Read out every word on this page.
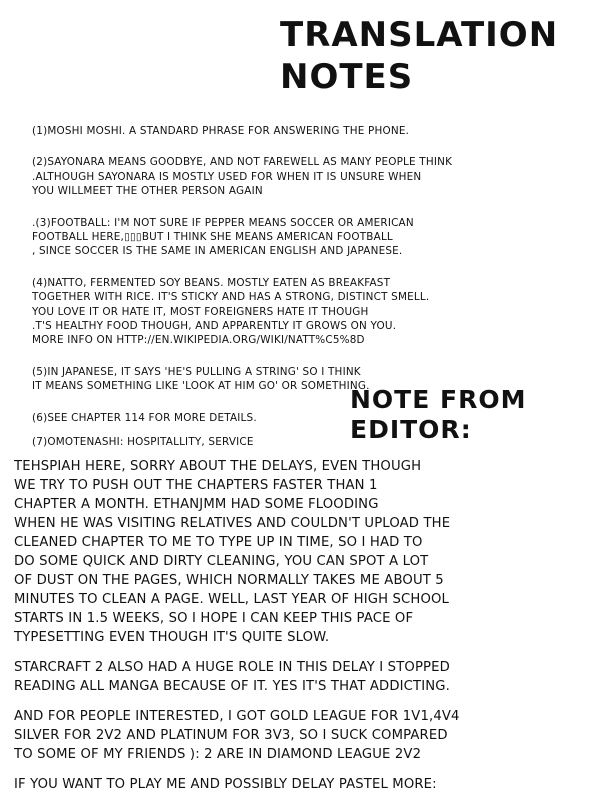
TRANSLATION
NOTES

(1)MOSHI MOSHI. A STANDARD PHRASE FOR ANSWERING THE PHONE.

(2)SAYONARA MEANS GOODBYE, AND NOT FAREWELL AS MANY PEOPLE THINK
.ALTHOUGH SAYONARA IS MOSTLY USED FOR WHEN IT IS UNSURE WHEN
YOU WILLMEET THE OTHER PERSON AGAIN

.(3)FOOTBALL: I'M NOT SURE IF PEPPER MEANS SOCCER OR AMERICAN
FOOTBALL HERE,▯▯▯BUT I THINK SHE MEANS AMERICAN FOOTBALL
, SINCE SOCCER IS THE SAME IN AMERICAN ENGLISH AND JAPANESE.

(4)NATTO, FERMENTED SOY BEANS. MOSTLY EATEN AS BREAKFAST
TOGETHER WITH RICE. IT'S STICKY AND HAS A STRONG, DISTINCT SMELL.
YOU LOVE IT OR HATE IT, MOST FOREIGNERS HATE IT THOUGH
.T'S HEALTHY FOOD THOUGH, AND APPARENTLY IT GROWS ON YOU.
MORE INFO ON HTTP://EN.WIKIPEDIA.ORG/WIKI/NATT%C5%8D

(5)IN JAPANESE, IT SAYS 'HE'S PULLING A STRING' SO I THINK
IT MEANS SOMETHING LIKE 'LOOK AT HIM GO' OR SOMETHING.

(6)SEE CHAPTER 114 FOR MORE DETAILS.

(7)OMOTENASHI: HOSPITALLITY, SERVICE

NOTE FROM
EDITOR:

TEHSPIAH HERE, SORRY ABOUT THE DELAYS, EVEN THOUGH
WE TRY TO PUSH OUT THE CHAPTERS FASTER THAN 1
CHAPTER A MONTH. ETHANJMM HAD SOME FLOODING
WHEN HE WAS VISITING RELATIVES AND COULDN'T UPLOAD THE
CLEANED CHAPTER TO ME TO TYPE UP IN TIME, SO I HAD TO
DO SOME QUICK AND DIRTY CLEANING, YOU CAN SPOT A LOT
OF DUST ON THE PAGES, WHICH NORMALLY TAKES ME ABOUT 5
MINUTES TO CLEAN A PAGE. WELL, LAST YEAR OF HIGH SCHOOL
STARTS IN 1.5 WEEKS, SO I HOPE I CAN KEEP THIS PACE OF
TYPESETTING EVEN THOUGH IT'S QUITE SLOW.

STARCRAFT 2 ALSO HAD A HUGE ROLE IN THIS DELAY I STOPPED
READING ALL MANGA BECAUSE OF IT. YES IT'S THAT ADDICTING.

AND FOR PEOPLE INTERESTED, I GOT GOLD LEAGUE FOR 1V1,4V4
SILVER FOR 2V2 AND PLATINUM FOR 3V3, SO I SUCK COMPARED
TO SOME OF MY FRIENDS ): 2 ARE IN DIAMOND LEAGUE 2V2

IF YOU WANT TO PLAY ME AND POSSIBLY DELAY PASTEL MORE:
